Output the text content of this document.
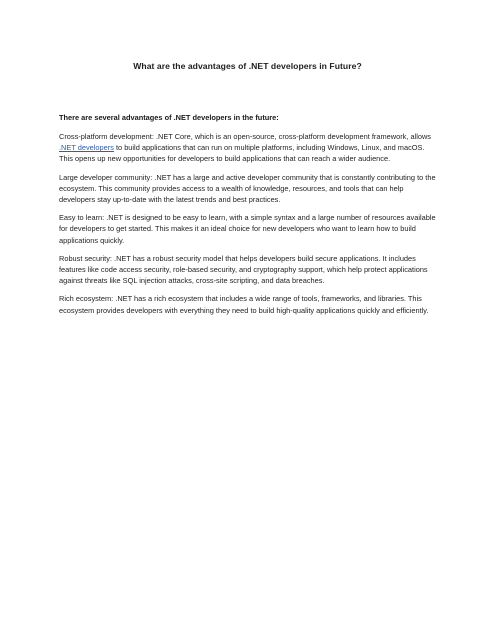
What are the advantages of .NET developers in Future?

There are several advantages of .NET developers in the future:

Cross-platform development: .NET Core, which is an open-source, cross-platform development framework, allows .NET developers to build applications that can run on multiple platforms, including Windows, Linux, and macOS. This opens up new opportunities for developers to build applications that can reach a wider audience.

Large developer community: .NET has a large and active developer community that is constantly contributing to the ecosystem. This community provides access to a wealth of knowledge, resources, and tools that can help developers stay up-to-date with the latest trends and best practices.

Easy to learn: .NET is designed to be easy to learn, with a simple syntax and a large number of resources available for developers to get started. This makes it an ideal choice for new developers who want to learn how to build applications quickly.

Robust security: .NET has a robust security model that helps developers build secure applications. It includes features like code access security, role-based security, and cryptography support, which help protect applications against threats like SQL injection attacks, cross-site scripting, and data breaches.

Rich ecosystem: .NET has a rich ecosystem that includes a wide range of tools, frameworks, and libraries. This ecosystem provides developers with everything they need to build high-quality applications quickly and efficiently.
